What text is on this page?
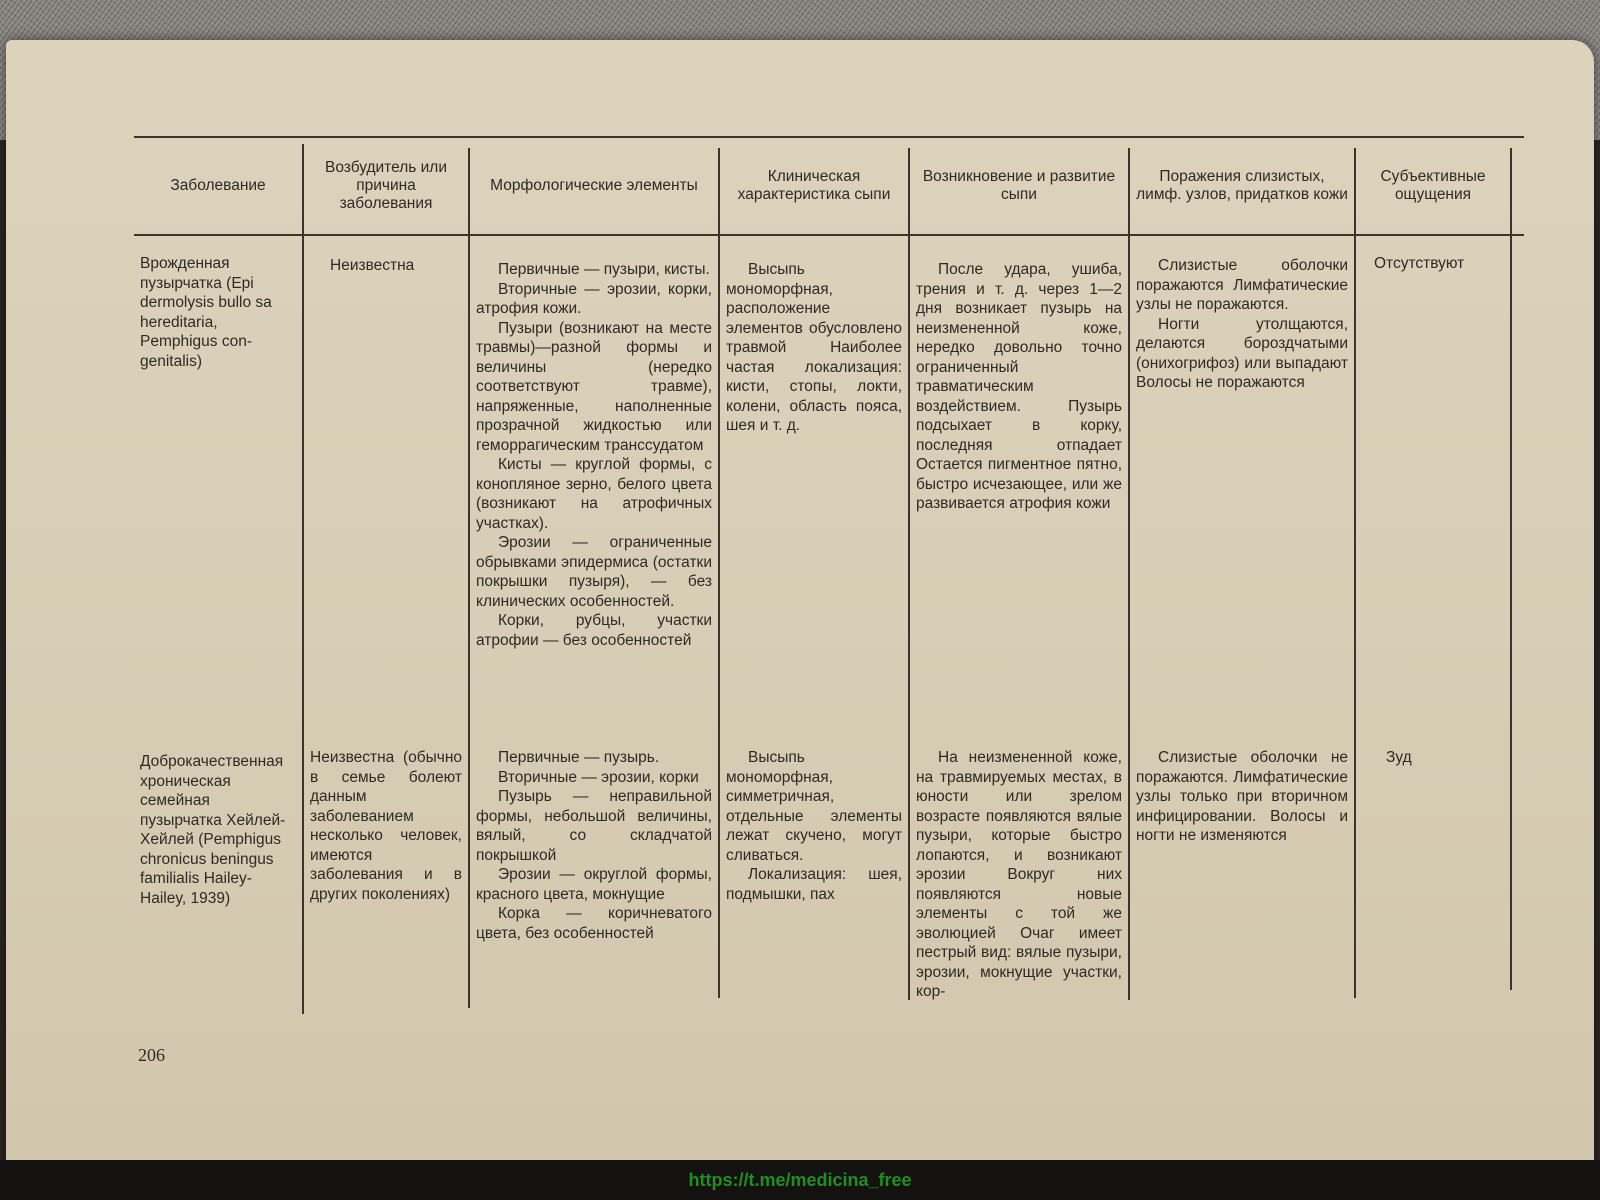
Заболевание
Возбудитель или причина заболевания
Морфологические элементы
Клиническая характеристика сыпи
Возникновение и развитие сыпи
Поражения слизистых, лимф. узлов, придатков кожи
Субъективные ощущения
Врожденная пузырчатка (Epi dermolysis bullo sa hereditaria, Pemphigus con- genitalis)
Неизвестна	Первичные — пузыри, кисты.

Вторичные — эрозии, корки, атрофия кожи.

Пузыри (возникают на месте травмы)—разной формы и величины (нередко соответствуют травме), напряженные, наполненные прозрачной жидкостью или геморрагическим транссудатом

Кисты — круглой формы, с конопляное зерно, белого цвета (возникают на атрофичных участках).

Эрозии — ограниченные обрывками эпидермиса (остатки покрышки пузыря), — без клинических особенностей.

Корки, рубцы, участки атрофии — без особенностей

Высыпь мономорфная, расположение элементов обусловлено травмой Наиболее частая локализация: кисти, стопы, локти, колени, область пояса, шея и т. д.

После удара, ушиба, трения и т. д. через 1—2 дня возникает пузырь на неизмененной коже, нередко довольно точно ограниченный травматическим воздействием. Пузырь подсыхает в корку, последняя отпадает Остается пигментное пятно, быстро исчезающее, или же развивается атрофия кожи

Слизистые оболочки поражаются Лимфатические узлы не поражаются.

Ногти утолщаются, делаются бороздчатыми (онихогрифоз) или выпадают Волосы не поражаются

Отсутствуют
Доброкачественная хроническая семейная пузырчатка Хейлей-Хейлей (Pemphigus chronicus beningus familialis Hailey-Hailey, 1939)
Неизвестна (обычно в семье болеют данным заболеванием несколько человек, имеются заболевания и в других поколениях)

Первичные — пузырь.

Вторичные — эрозии, корки

Пузырь — неправильной формы, небольшой величины, вялый, со складчатой покрышкой

Эрозии — округлой формы, красного цвета, мокнущие

Корка — коричневатого цвета, без особенностей

Высыпь мономорфная, симметричная, отдельные элементы лежат скучено, могут сливаться.

Локализация: шея, подмышки, пах

На неизмененной коже, на травмируемых местах, в юности или зрелом возрасте появляются вялые пузыри, которые быстро лопаются, и возникают эрозии Вокруг них появляются новые элементы с той же эволюцией Очаг имеет пестрый вид: вялые пузыри, эрозии, мокнущие участки, кор-

Слизистые оболочки не поражаются. Лимфатические узлы только при вторичном инфицировании. Волосы и ногти не изменяются

Зуд
206
https://t.me/medicina_free
